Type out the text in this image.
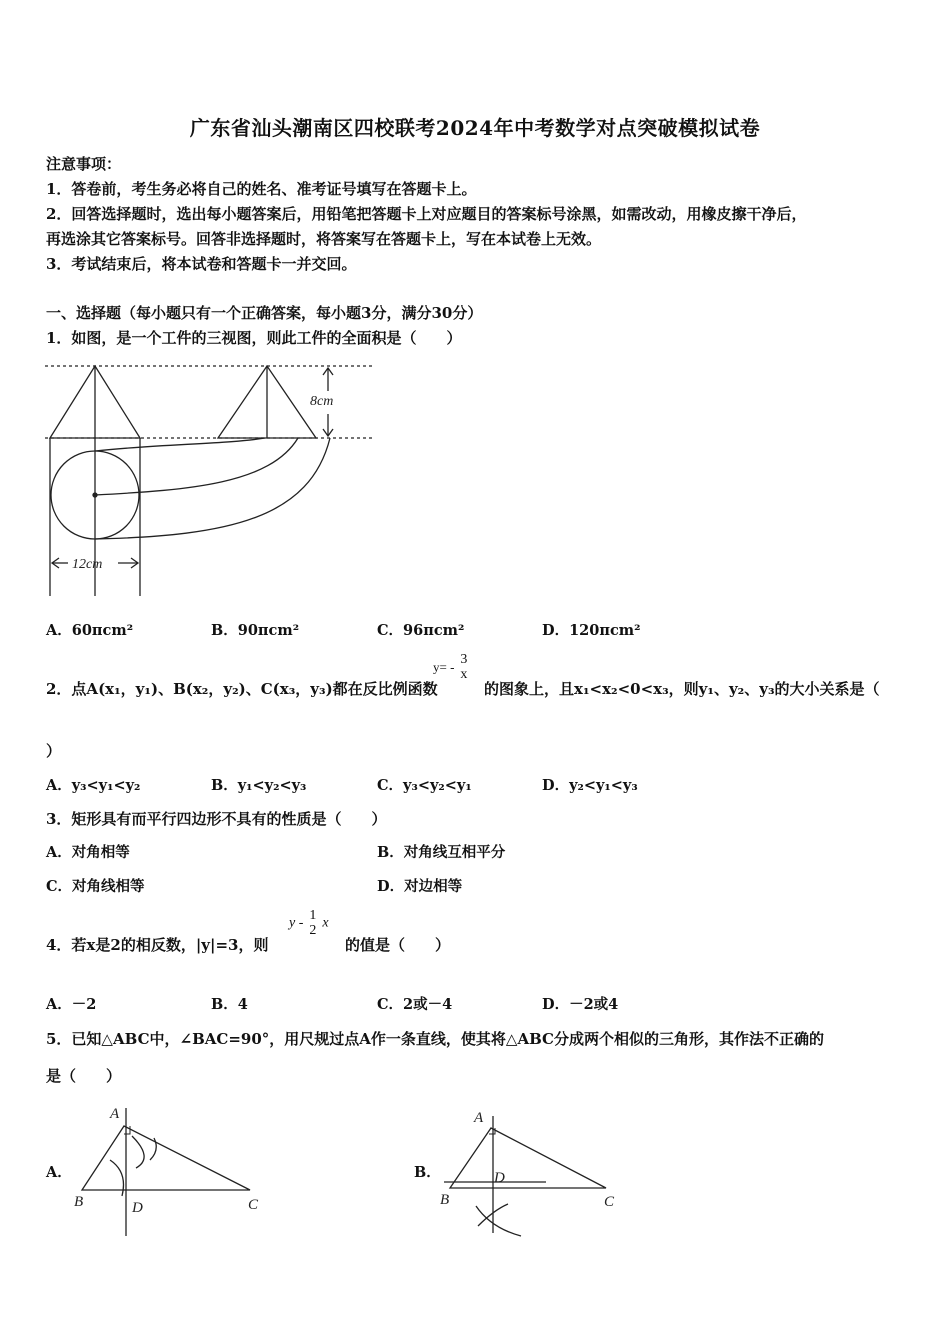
广东省汕头潮南区四校联考2024年中考数学对点突破模拟试卷
注意事项：
1．答卷前，考生务必将自己的姓名、准考证号填写在答题卡上。
2．回答选择题时，选出每小题答案后，用铅笔把答题卡上对应题目的答案标号涂黑，如需改动，用橡皮擦干净后，
再选涂其它答案标号。回答非选择题时，将答案写在答题卡上，写在本试卷上无效。
3．考试结束后，将本试卷和答题卡一并交回。
一、选择题（每小题只有一个正确答案，每小题3分，满分30分）
1．如图，是一个工件的三视图，则此工件的全面积是（　　）
8cm
12cm
A．60πcm²	B．90πcm²	C．96πcm²	D．120πcm²
2．点A(x₁，y₁)、B(x₂，y₂)、C(x₃，y₃)都在反比例函数
y= - 3
x
的图象上，且x₁<x₂<0<x₃，则y₁、y₂、y₃的大小关系是（
）
A．y₃<y₁<y₂	B．y₁<y₂<y₃	C．y₃<y₂<y₁	D．y₂<y₁<y₃
3．矩形具有而平行四边形不具有的性质是（　　）
A．对角相等	B．对角线互相平分
C．对角线相等	D．对边相等
4．若x是2的相反数，|y|=3，则
y - 1
2
x
的值是（　　）
A．－2	B．4	C．2或－4	D．－2或4
5．已知△ABC中，∠BAC=90°，用尺规过点A作一条直线，使其将△ABC分成两个相似的三角形，其作法不正确的
是（　　）
A．
A
B	D	C
B．
A
D
B	C
